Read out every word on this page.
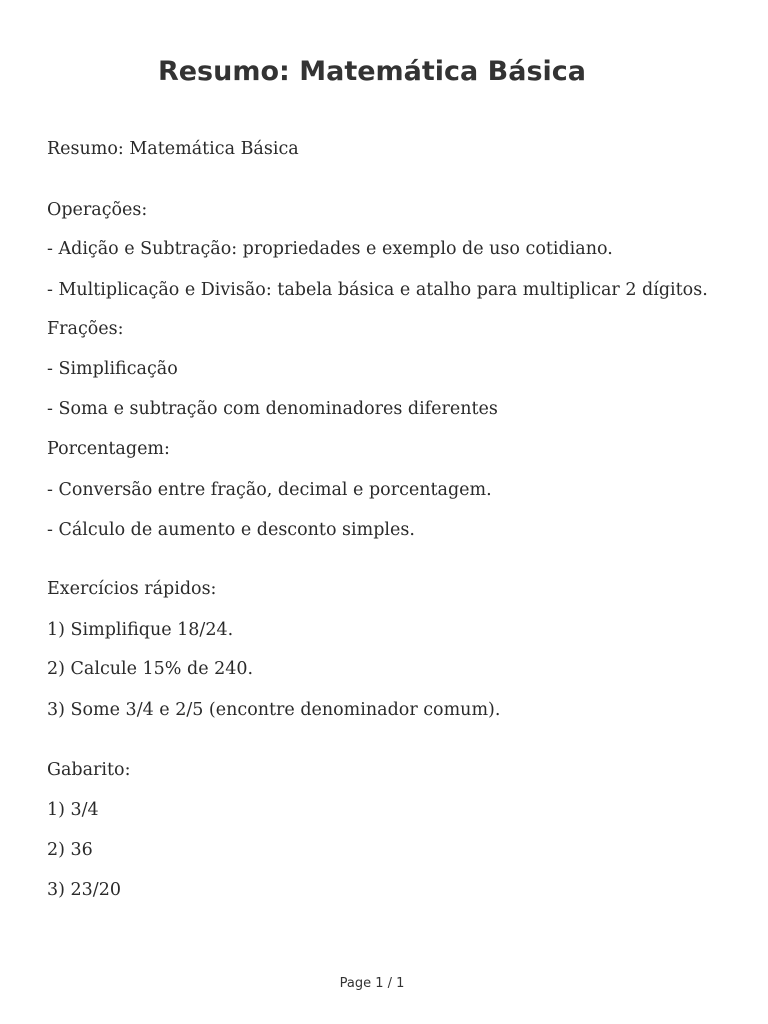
Resumo: Matemática Básica
Resumo: Matemática Básica
Operações:
- Adição e Subtração: propriedades e exemplo de uso cotidiano.
- Multiplicação e Divisão: tabela básica e atalho para multiplicar 2 dígitos.
Frações:
- Simplificação
- Soma e subtração com denominadores diferentes
Porcentagem:
- Conversão entre fração, decimal e porcentagem.
- Cálculo de aumento e desconto simples.
Exercícios rápidos:
1) Simplifique 18/24.
2) Calcule 15% de 240.
3) Some 3/4 e 2/5 (encontre denominador comum).
Gabarito:
1) 3/4
2) 36
3) 23/20
Page 1 / 1
